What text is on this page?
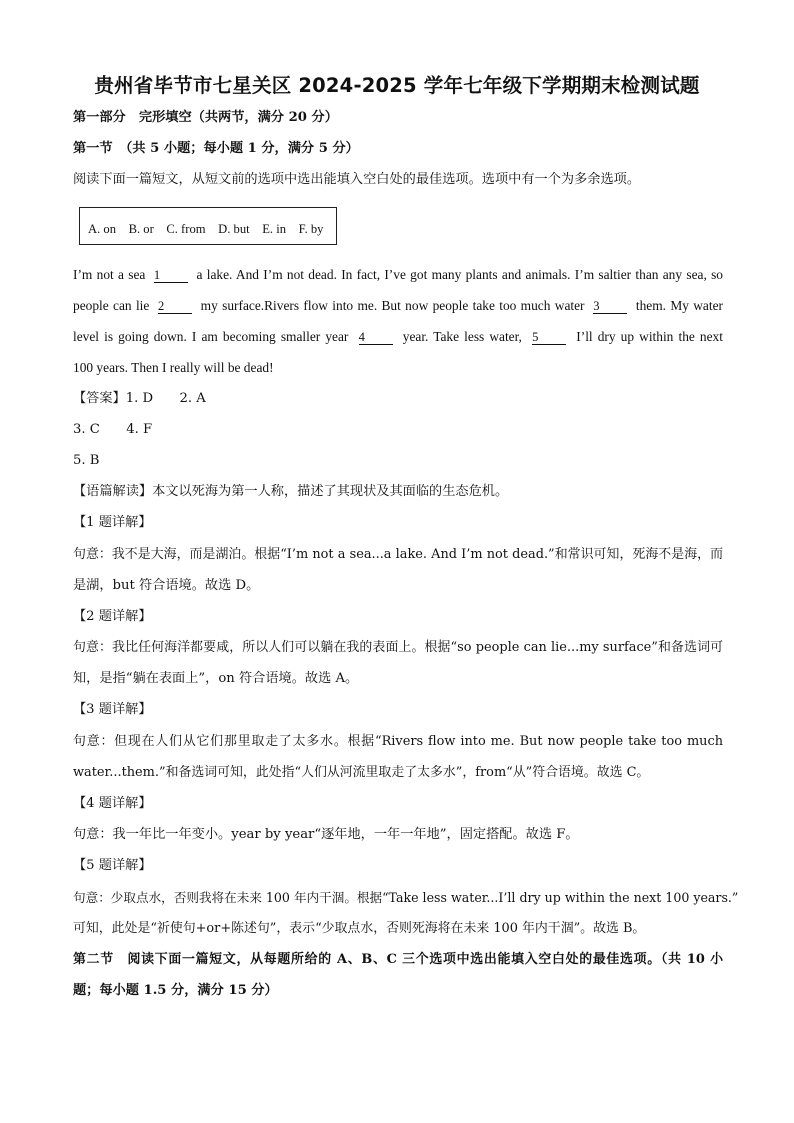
贵州省毕节市七星关区 2024-2025 学年七年级下学期期末检测试题
第一部分　完形填空（共两节，满分 20 分）
第一节　（共 5 小题；每小题 1 分，满分 5 分）
阅读下面一篇短文，从短文前的选项中选出能填入空白处的最佳选项。选项中有一个为多余选项。
A. on　B. or　C. from　D. but　E. in　F. by
I’m not a sea 1	a lake. And I’m not dead. In fact, I’ve got many plants and animals. I’m saltier than any sea, so
people can lie 2	my surface.Rivers flow into me. But now people take too much water 3	them. My water
level is going down. I am becoming smaller year 4	year. Take less water, 5	I’ll dry up within the next
100 years. Then I really will be dead!
【答案】1. D　　2. A
3. C　　4. F
5. B
【语篇解读】本文以死海为第一人称，描述了其现状及其面临的生态危机。
【1 题详解】
句意：我不是大海，而是湖泊。根据“I’m not a sea...a lake. And I’m not dead.”和常识可知，死海不是海，而
是湖，but 符合语境。故选 D。
【2 题详解】
句意：我比任何海洋都要咸，所以人们可以躺在我的表面上。根据“so people can lie...my surface”和备选词可
知，是指“躺在表面上”，on 符合语境。故选 A。
【3 题详解】
句意：但现在人们从它们那里取走了太多水。根据“Rivers flow into me. But now people take too much
water...them.”和备选词可知，此处指“人们从河流里取走了太多水”，from“从”符合语境。故选 C。
【4 题详解】
句意：我一年比一年变小。year by year“逐年地，一年一年地”，固定搭配。故选 F。
【5 题详解】
句意：少取点水，否则我将在未来 100 年内干涸。根据“Take less water...I’ll dry up within the next 100 years.”
可知，此处是“祈使句+or+陈述句”，表示“少取点水，否则死海将在未来 100 年内干涸”。故选 B。
第二节　阅读下面一篇短文，从每题所给的 A、B、C 三个选项中选出能填入空白处的最佳选项。（共 10 小
题；每小题 1.5 分，满分 15 分）
